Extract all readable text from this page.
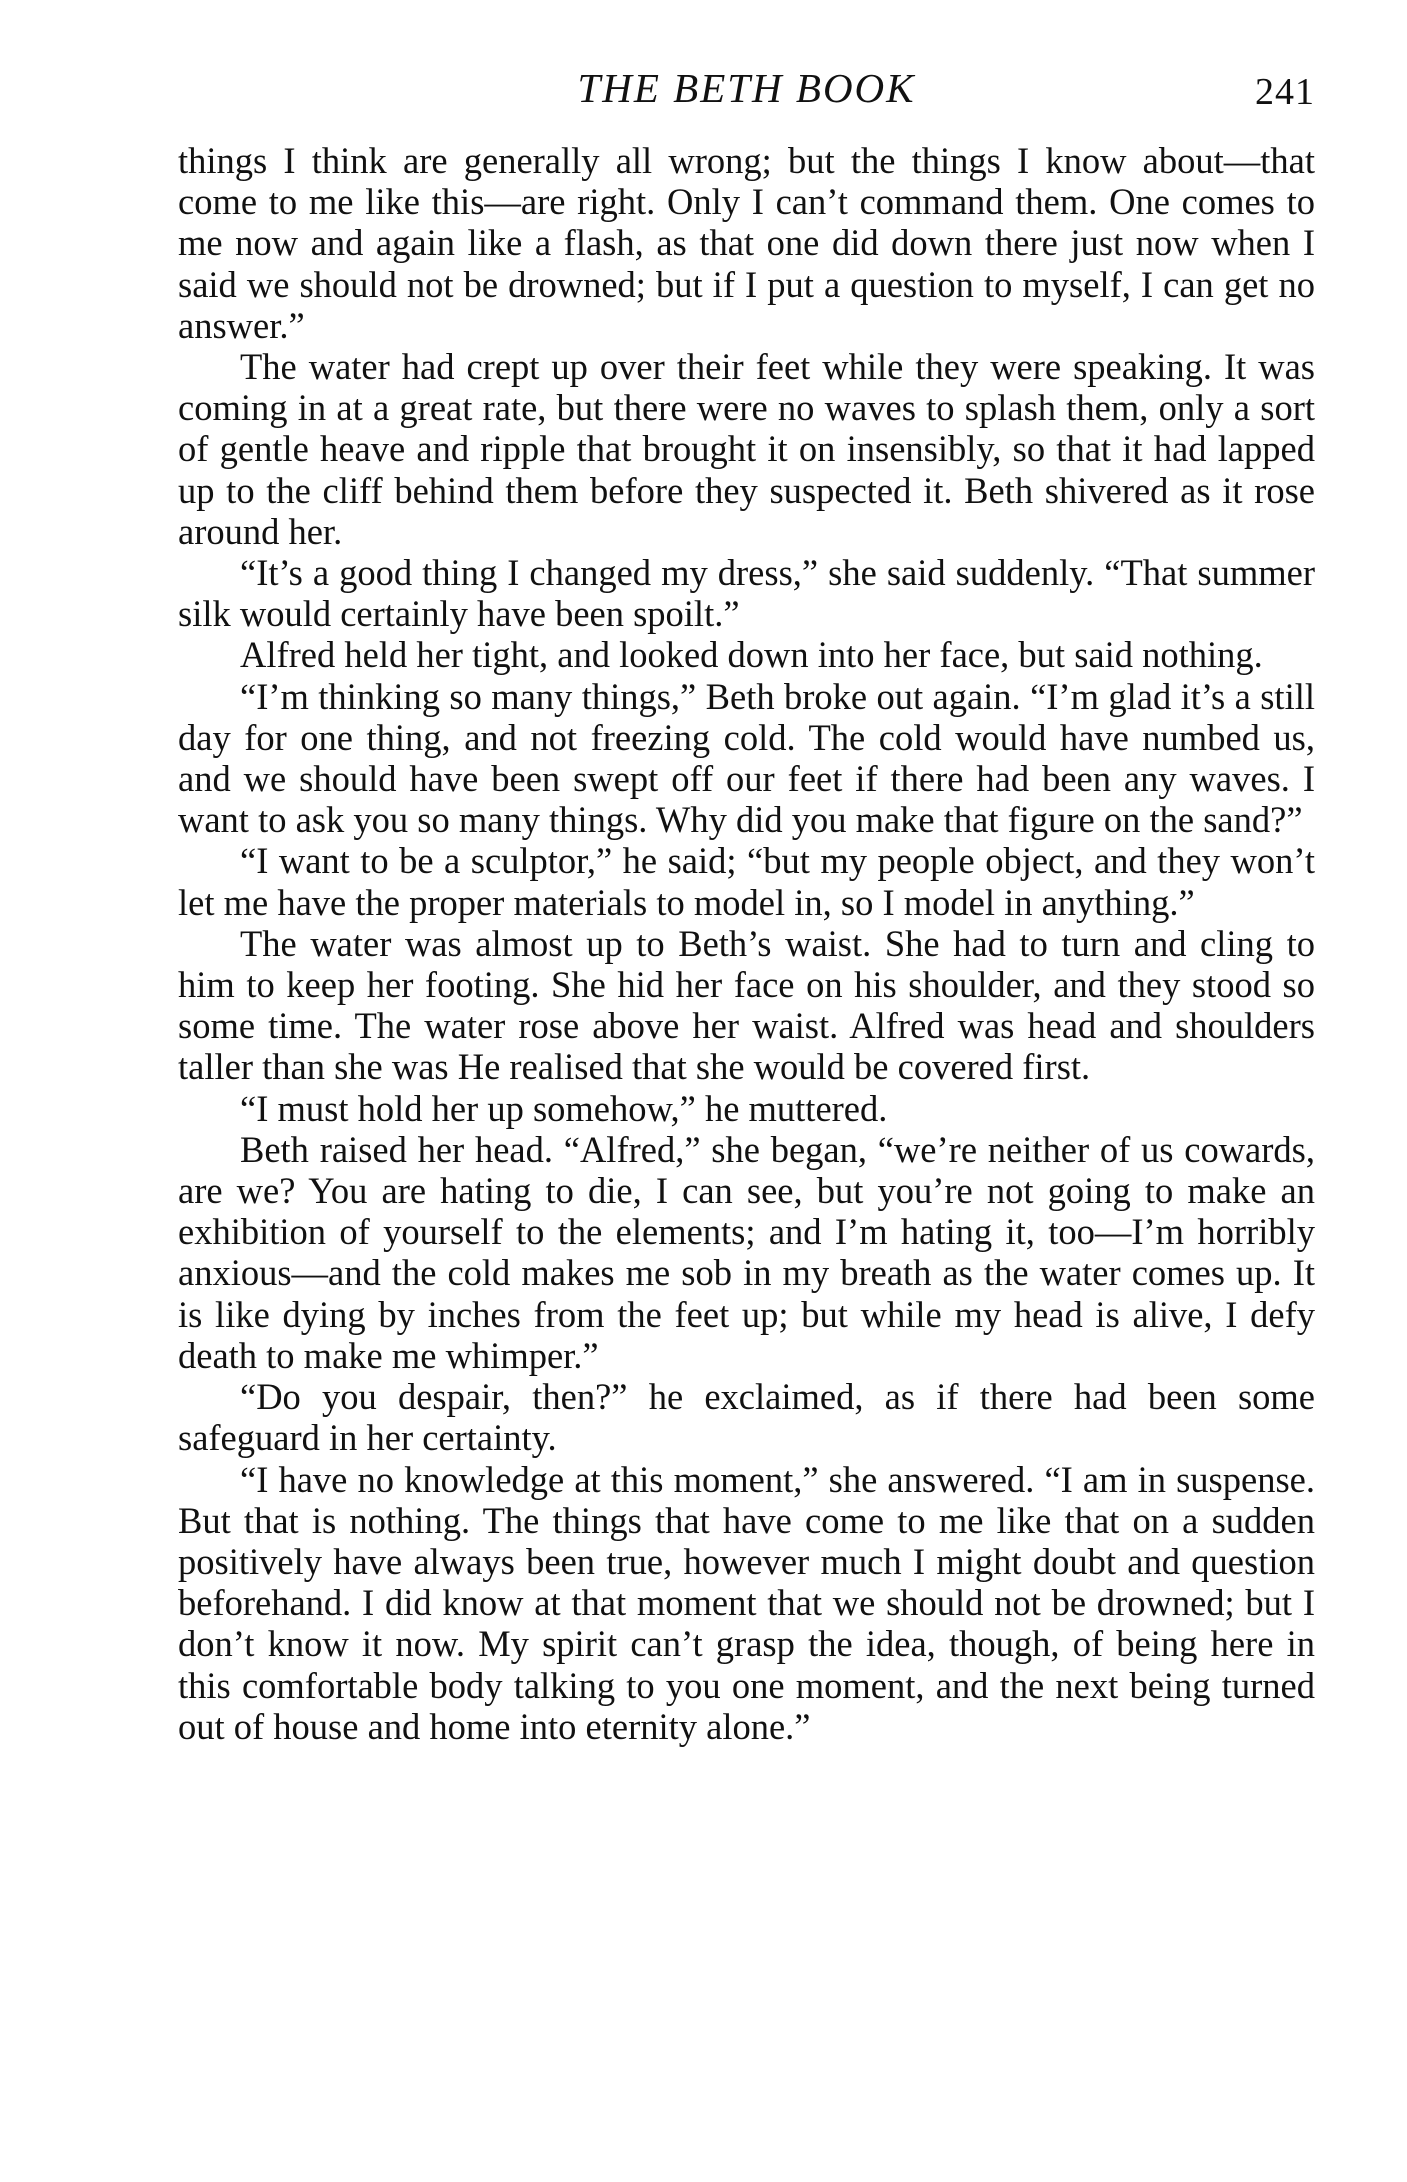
THE BETH BOOK	241

things I think are generally all wrong; but the things I know about—that come to me like this—are right. Only I can’t command them. One comes to me now and again like a flash, as that one did down there just now when I said we should not be drowned; but if I put a question to myself, I can get no answer.”

The water had crept up over their feet while they were speaking. It was coming in at a great rate, but there were no waves to splash them, only a sort of gentle heave and ripple that brought it on insensibly, so that it had lapped up to the cliff behind them before they suspected it. Beth shivered as it rose around her.

“It’s a good thing I changed my dress,” she said suddenly. “That summer silk would certainly have been spoilt.”

Alfred held her tight, and looked down into her face, but said nothing.

“I’m thinking so many things,” Beth broke out again. “I’m glad it’s a still day for one thing, and not freezing cold. The cold would have numbed us, and we should have been swept off our feet if there had been any waves. I want to ask you so many things. Why did you make that figure on the sand?”

“I want to be a sculptor,” he said; “but my people object, and they won’t let me have the proper materials to model in, so I model in anything.”

The water was almost up to Beth’s waist. She had to turn and cling to him to keep her footing. She hid her face on his shoulder, and they stood so some time. The water rose above her waist. Alfred was head and shoulders taller than she was He realised that she would be covered first.

“I must hold her up somehow,” he muttered.

Beth raised her head. “Alfred,” she began, “we’re neither of us cowards, are we? You are hating to die, I can see, but you’re not going to make an exhibition of yourself to the elements; and I’m hating it, too—I’m horribly anxious—and the cold makes me sob in my breath as the water comes up. It is like dying by inches from the feet up; but while my head is alive, I defy death to make me whimper.”

“Do you despair, then?” he exclaimed, as if there had been some safeguard in her certainty.

“I have no knowledge at this moment,” she answered. “I am in suspense. But that is nothing. The things that have come to me like that on a sudden positively have always been true, however much I might doubt and question beforehand. I did know at that moment that we should not be drowned; but I don’t know it now. My spirit can’t grasp the idea, though, of being here in this comfortable body talking to you one moment, and the next being turned out of house and home into eternity alone.”
